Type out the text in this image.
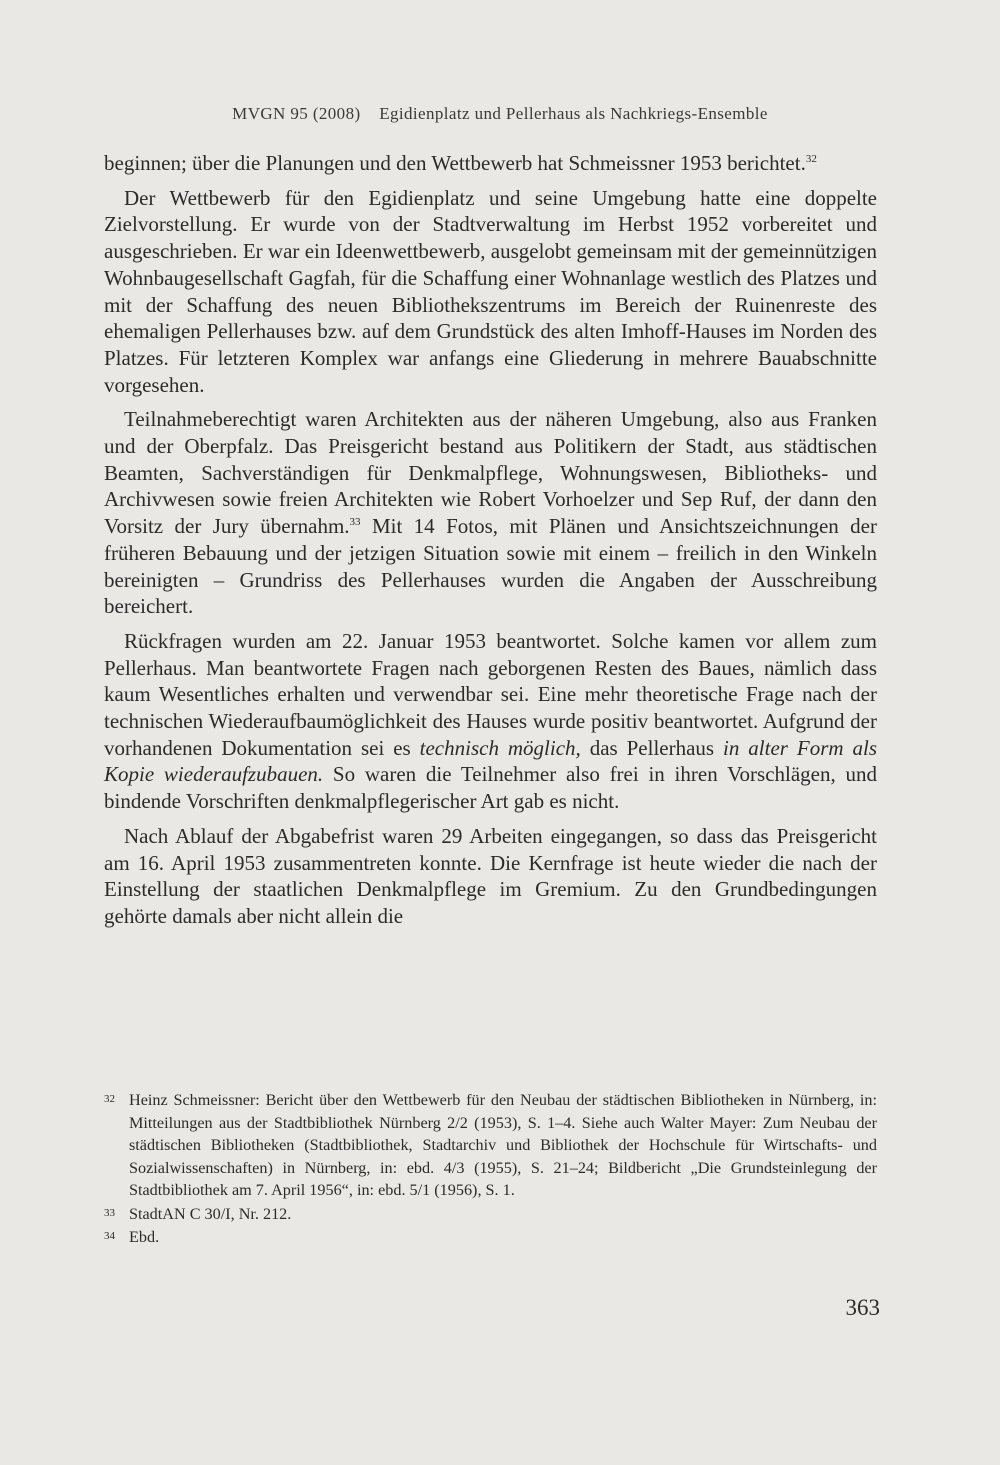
MVGN 95 (2008) Egidienplatz und Pellerhaus als Nachkriegs-Ensemble

beginnen; über die Planungen und den Wettbewerb hat Schmeissner 1953 berichtet.$^{32}$

Der Wettbewerb für den Egidienplatz und seine Umgebung hatte eine doppelte Zielvorstellung. Er wurde von der Stadtverwaltung im Herbst 1952 vorbereitet und ausgeschrieben. Er war ein Ideenwettbewerb, ausgelobt gemeinsam mit der gemeinnützigen Wohnbaugesellschaft Gagfah, für die Schaffung einer Wohnanlage westlich des Platzes und mit der Schaffung des neuen Bibliothekszentrums im Bereich der Ruinenreste des ehemaligen Pellerhauses bzw. auf dem Grundstück des alten Imhoff-Hauses im Norden des Platzes. Für letzteren Komplex war anfangs eine Gliederung in mehrere Bauabschnitte vorgesehen.

Teilnahmeberechtigt waren Architekten aus der näheren Umgebung, also aus Franken und der Oberpfalz. Das Preisgericht bestand aus Politikern der Stadt, aus städtischen Beamten, Sachverständigen für Denkmalpflege, Wohnungswesen, Bibliotheks- und Archivwesen sowie freien Architekten wie Robert Vorhoelzer und Sep Ruf, der dann den Vorsitz der Jury übernahm.$^{33}$ Mit 14 Fotos, mit Plänen und Ansichtszeichnungen der früheren Bebauung und der jetzigen Situation sowie mit einem – freilich in den Winkeln bereinigten – Grundriss des Pellerhauses wurden die Angaben der Ausschreibung bereichert.

Rückfragen wurden am 22. Januar 1953 beantwortet. Solche kamen vor allem zum Pellerhaus. Man beantwortete Fragen nach geborgenen Resten des Baues, nämlich dass kaum Wesentliches erhalten und verwendbar sei. Eine mehr theoretische Frage nach der technischen Wiederaufbaumöglichkeit des Hauses wurde positiv beantwortet. Aufgrund der vorhandenen Dokumentation sei es technisch möglich, das Pellerhaus in alter Form als Kopie wiederaufzubauen. So waren die Teilnehmer also frei in ihren Vorschlägen, und bindende Vorschriften denkmalpflegerischer Art gab es nicht.

Nach Ablauf der Abgabefrist waren 29 Arbeiten eingegangen, so dass das Preisgericht am 16. April 1953 zusammentreten konnte. Die Kernfrage ist heute wieder die nach der Einstellung der staatlichen Denkmalpflege im Gremium. Zu den Grundbedingungen gehörte damals aber nicht allein die

32 Heinz Schmeissner: Bericht über den Wettbewerb für den Neubau der städtischen Bibliotheken in Nürnberg, in: Mitteilungen aus der Stadtbibliothek Nürnberg 2/2 (1953), S. 1–4. Siehe auch Walter Mayer: Zum Neubau der städtischen Bibliotheken (Stadtbibliothek, Stadtarchiv und Bibliothek der Hochschule für Wirtschafts- und Sozialwissenschaften) in Nürnberg, in: ebd. 4/3 (1955), S. 21–24; Bildbericht „Die Grundsteinlegung der Stadtbibliothek am 7. April 1956“, in: ebd. 5/1 (1956), S. 1.
33 StadtAN C 30/I, Nr. 212.
34 Ebd.
363
